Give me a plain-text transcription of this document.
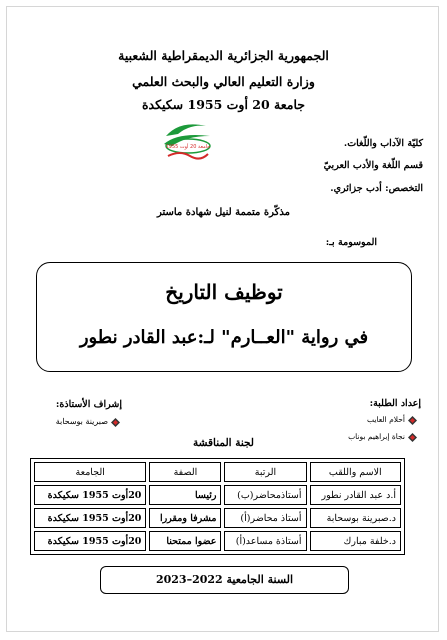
الجمهورية الجزائرية الديمقراطية الشعبية
وزارة التعليم العالي والبحث العلمي
جامعة 20 أوت 1955 سكيكدة
جامعة 20 أوت 1955	كليّة الآداب واللّغات.
قسم اللّغة والأدب العربيّ
التخصص: أدب جزائري.
مذكّرة متممة لنيل شهادة ماستر
الموسومة بـ:
توظيف التاريخ
في رواية "العــارم" لـ:عبد القادر نطور
إعداد الطلبة:
أحلام العايب
نجاة إبراهيم بوناب
إشراف الأستاذة:
صبرينة بوسحابة
لجنة المناقشة
الاسم واللقب	الرتبة	الصفة	الجامعة
أ.د عبد القادر نطور	أستاذمحاضر(ب)	رئيسا	20أوت 1955 سكيكدة
د.صبرينة بوسحابة	أستاذ محاضر(أ)	مشرفا ومقررا	20أوت 1955 سكيكدة
د.خلفة مبارك	أستاذة مساعد(أ)	عضوا ممتحنا	20أوت 1955 سكيكدة
السنة الجامعية 2022–2023
